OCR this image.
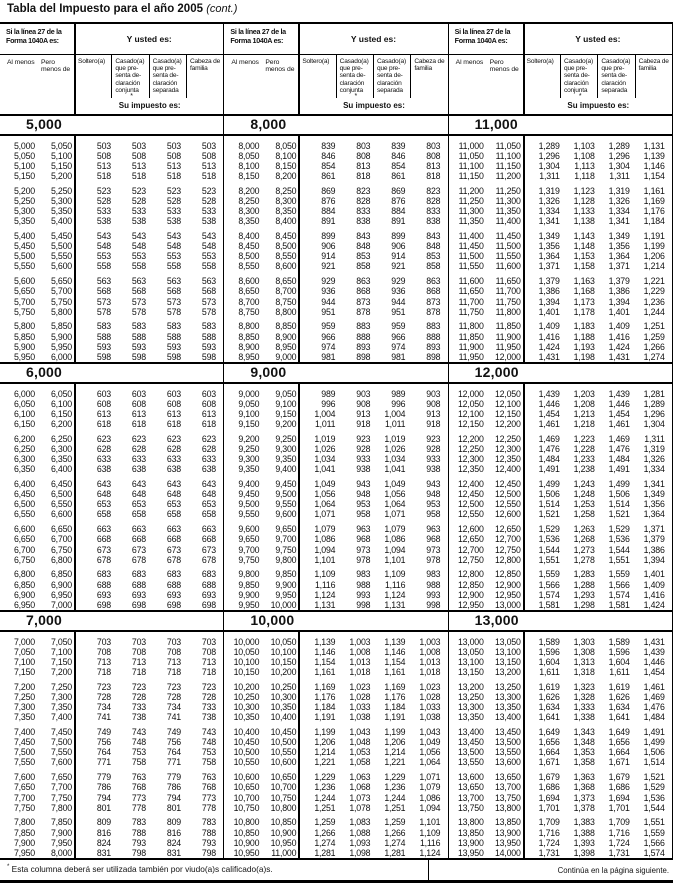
Tabla del Impuesto para el año 2005 (cont.)
Si la línea 27 de la Forma 1040A es:	Y usted es:
Al menos Pero menos de
Soltero(a)	Casado(a) que pre- senta de- claración conjunta
*
Casado(a) que pre- senta de- claración separada
Cabeza de familia
Su impuesto es:
5,000
5,000	5,050	503	503	503	503
5,050	5,100	508	508	508	508
5,100	5,150	513	513	513	513
5,150	5,200	518	518	518	518
5,200	5,250	523	523	523	523
5,250	5,300	528	528	528	528
5,300	5,350	533	533	533	533
5,350	5,400	538	538	538	538
5,400	5,450	543	543	543	543
5,450	5,500	548	548	548	548
5,500	5,550	553	553	553	553
5,550	5,600	558	558	558	558
5,600	5,650	563	563	563	563
5,650	5,700	568	568	568	568
5,700	5,750	573	573	573	573
5,750	5,800	578	578	578	578
5,800	5,850	583	583	583	583
5,850	5,900	588	588	588	588
5,900	5,950	593	593	593	593
5,950	6,000	598	598	598	598
6,000
6,000	6,050	603	603	603	603
6,050	6,100	608	608	608	608
6,100	6,150	613	613	613	613
6,150	6,200	618	618	618	618
6,200	6,250	623	623	623	623
6,250	6,300	628	628	628	628
6,300	6,350	633	633	633	633
6,350	6,400	638	638	638	638
6,400	6,450	643	643	643	643
6,450	6,500	648	648	648	648
6,500	6,550	653	653	653	653
6,550	6,600	658	658	658	658
6,600	6,650	663	663	663	663
6,650	6,700	668	668	668	668
6,700	6,750	673	673	673	673
6,750	6,800	678	678	678	678
6,800	6,850	683	683	683	683
6,850	6,900	688	688	688	688
6,900	6,950	693	693	693	693
6,950	7,000	698	698	698	698
7,000
7,000	7,050	703	703	703	703
7,050	7,100	708	708	708	708
7,100	7,150	713	713	713	713
7,150	7,200	718	718	718	718
7,200	7,250	723	723	723	723
7,250	7,300	728	728	728	728
7,300	7,350	734	733	734	733
7,350	7,400	741	738	741	738
7,400	7,450	749	743	749	743
7,450	7,500	756	748	756	748
7,500	7,550	764	753	764	753
7,550	7,600	771	758	771	758
7,600	7,650	779	763	779	763
7,650	7,700	786	768	786	768
7,700	7,750	794	773	794	773
7,750	7,800	801	778	801	778
7,800	7,850	809	783	809	783
7,850	7,900	816	788	816	788
7,900	7,950	824	793	824	793
7,950	8,000	831	798	831	798
Si la línea 27 de la Forma 1040A es:	Y usted es:
Al menos Pero menos de
Soltero(a)	Casado(a) que pre- senta de- claración conjunta
*
Casado(a) que pre- senta de- claración separada
Cabeza de familia
Su impuesto es:
8,000
8,000	8,050	839	803	839	803
8,050	8,100	846	808	846	808
8,100	8,150	854	813	854	813
8,150	8,200	861	818	861	818
8,200	8,250	869	823	869	823
8,250	8,300	876	828	876	828
8,300	8,350	884	833	884	833
8,350	8,400	891	838	891	838
8,400	8,450	899	843	899	843
8,450	8,500	906	848	906	848
8,500	8,550	914	853	914	853
8,550	8,600	921	858	921	858
8,600	8,650	929	863	929	863
8,650	8,700	936	868	936	868
8,700	8,750	944	873	944	873
8,750	8,800	951	878	951	878
8,800	8,850	959	883	959	883
8,850	8,900	966	888	966	888
8,900	8,950	974	893	974	893
8,950	9,000	981	898	981	898
9,000
9,000	9,050	989	903	989	903
9,050	9,100	996	908	996	908
9,100	9,150	1,004	913	1,004	913
9,150	9,200	1,011	918	1,011	918
9,200	9,250	1,019	923	1,019	923
9,250	9,300	1,026	928	1,026	928
9,300	9,350	1,034	933	1,034	933
9,350	9,400	1,041	938	1,041	938
9,400	9,450	1,049	943	1,049	943
9,450	9,500	1,056	948	1,056	948
9,500	9,550	1,064	953	1,064	953
9,550	9,600	1,071	958	1,071	958
9,600	9,650	1,079	963	1,079	963
9,650	9,700	1,086	968	1,086	968
9,700	9,750	1,094	973	1,094	973
9,750	9,800	1,101	978	1,101	978
9,800	9,850	1,109	983	1,109	983
9,850	9,900	1,116	988	1,116	988
9,900	9,950	1,124	993	1,124	993
9,950	10,000	1,131	998	1,131	998
10,000
10,000	10,050	1,139	1,003	1,139	1,003
10,050	10,100	1,146	1,008	1,146	1,008
10,100	10,150	1,154	1,013	1,154	1,013
10,150	10,200	1,161	1,018	1,161	1,018
10,200	10,250	1,169	1,023	1,169	1,023
10,250	10,300	1,176	1,028	1,176	1,028
10,300	10,350	1,184	1,033	1,184	1,033
10,350	10,400	1,191	1,038	1,191	1,038
10,400	10,450	1,199	1,043	1,199	1,043
10,450	10,500	1,206	1,048	1,206	1,049
10,500	10,550	1,214	1,053	1,214	1,056
10,550	10,600	1,221	1,058	1,221	1,064
10,600	10,650	1,229	1,063	1,229	1,071
10,650	10,700	1,236	1,068	1,236	1,079
10,700	10,750	1,244	1,073	1,244	1,086
10,750	10,800	1,251	1,078	1,251	1,094
10,800	10,850	1,259	1,083	1,259	1,101
10,850	10,900	1,266	1,088	1,266	1,109
10,900	10,950	1,274	1,093	1,274	1,116
10,950	11,000	1,281	1,098	1,281	1,124
Si la línea 27 de la Forma 1040A es:	Y usted es:
Al menos Pero menos de
Soltero(a)	Casado(a) que pre- senta de- claración conjunta
*
Casado(a) que pre- senta de- claración separada
Cabeza de familia
Su impuesto es:
11,000
11,000	11,050	1,289	1,103	1,289	1,131
11,050	11,100	1,296	1,108	1,296	1,139
11,100	11,150	1,304	1,113	1,304	1,146
11,150	11,200	1,311	1,118	1,311	1,154
11,200	11,250	1,319	1,123	1,319	1,161
11,250	11,300	1,326	1,128	1,326	1,169
11,300	11,350	1,334	1,133	1,334	1,176
11,350	11,400	1,341	1,138	1,341	1,184
11,400	11,450	1,349	1,143	1,349	1,191
11,450	11,500	1,356	1,148	1,356	1,199
11,500	11,550	1,364	1,153	1,364	1,206
11,550	11,600	1,371	1,158	1,371	1,214
11,600	11,650	1,379	1,163	1,379	1,221
11,650	11,700	1,386	1,168	1,386	1,229
11,700	11,750	1,394	1,173	1,394	1,236
11,750	11,800	1,401	1,178	1,401	1,244
11,800	11,850	1,409	1,183	1,409	1,251
11,850	11,900	1,416	1,188	1,416	1,259
11,900	11,950	1,424	1,193	1,424	1,266
11,950	12,000	1,431	1,198	1,431	1,274
12,000
12,000	12,050	1,439	1,203	1,439	1,281
12,050	12,100	1,446	1,208	1,446	1,289
12,100	12,150	1,454	1,213	1,454	1,296
12,150	12,200	1,461	1,218	1,461	1,304
12,200	12,250	1,469	1,223	1,469	1,311
12,250	12,300	1,476	1,228	1,476	1,319
12,300	12,350	1,484	1,233	1,484	1,326
12,350	12,400	1,491	1,238	1,491	1,334
12,400	12,450	1,499	1,243	1,499	1,341
12,450	12,500	1,506	1,248	1,506	1,349
12,500	12,550	1,514	1,253	1,514	1,356
12,550	12,600	1,521	1,258	1,521	1,364
12,600	12,650	1,529	1,263	1,529	1,371
12,650	12,700	1,536	1,268	1,536	1,379
12,700	12,750	1,544	1,273	1,544	1,386
12,750	12,800	1,551	1,278	1,551	1,394
12,800	12,850	1,559	1,283	1,559	1,401
12,850	12,900	1,566	1,288	1,566	1,409
12,900	12,950	1,574	1,293	1,574	1,416
12,950	13,000	1,581	1,298	1,581	1,424
13,000
13,000	13,050	1,589	1,303	1,589	1,431
13,050	13,100	1,596	1,308	1,596	1,439
13,100	13,150	1,604	1,313	1,604	1,446
13,150	13,200	1,611	1,318	1,611	1,454
13,200	13,250	1,619	1,323	1,619	1,461
13,250	13,300	1,626	1,328	1,626	1,469
13,300	13,350	1,634	1,333	1,634	1,476
13,350	13,400	1,641	1,338	1,641	1,484
13,400	13,450	1,649	1,343	1,649	1,491
13,450	13,500	1,656	1,348	1,656	1,499
13,500	13,550	1,664	1,353	1,664	1,506
13,550	13,600	1,671	1,358	1,671	1,514
13,600	13,650	1,679	1,363	1,679	1,521
13,650	13,700	1,686	1,368	1,686	1,529
13,700	13,750	1,694	1,373	1,694	1,536
13,750	13,800	1,701	1,378	1,701	1,544
13,800	13,850	1,709	1,383	1,709	1,551
13,850	13,900	1,716	1,388	1,716	1,559
13,900	13,950	1,724	1,393	1,724	1,566
13,950	14,000	1,731	1,398	1,731	1,574
* Esta columna deberá ser utilizada también por viudo(a)s calificado(a)s.	Continúa en la página siguiente.
